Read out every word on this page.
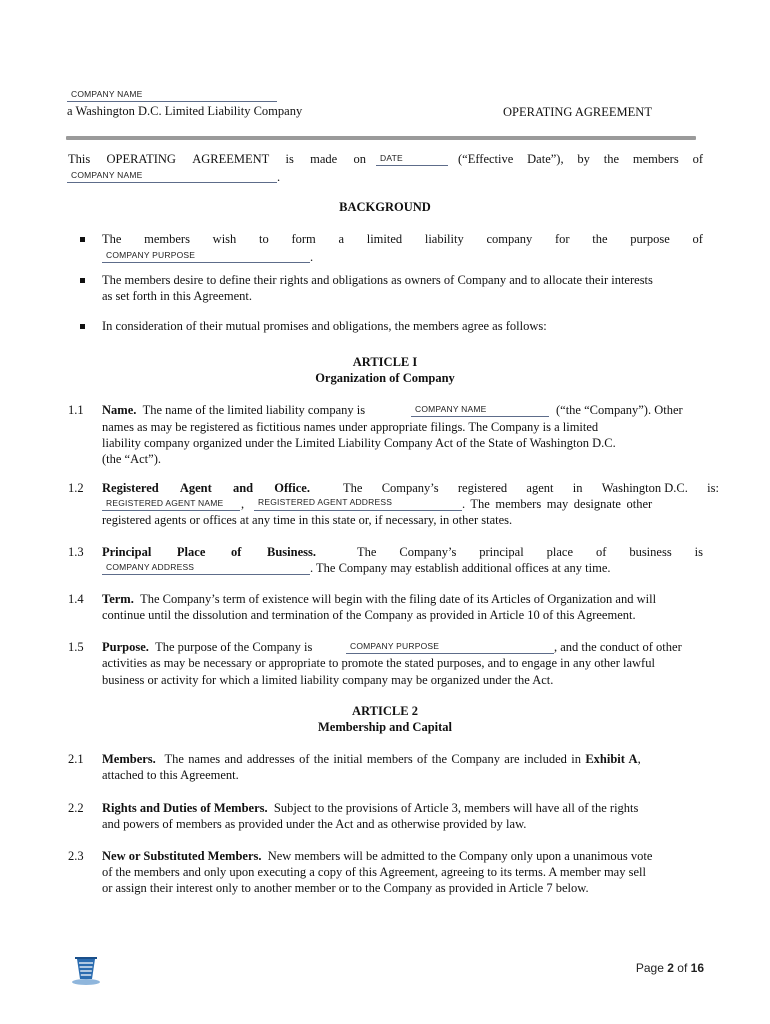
COMPANY NAME
a Washington D.C. Limited Liability Company	OPERATING AGREEMENT
This OPERATING AGREEMENT is made on DATE	(“Effective Date”), by the members of
COMPANY NAME	.
BACKGROUND
The members wish to form a limited liability company for the purpose of
COMPANY PURPOSE	.
The members desire to define their rights and obligations as owners of Company and to allocate their interests
as set forth in this Agreement.
In consideration of their mutual promises and obligations, the members agree as follows:
ARTICLE I
Organization of Company
1.1 Name. The name of the limited liability company is	COMPANY NAME	(“the “Company”). Other
names as may be registered as fictitious names under appropriate filings. The Company is a limited
liability company organized under the Limited Liability Company Act of the State of Washington D.C.
(the “Act”).
1.2 Registered Agent and Office.	The Company’s registered agent in Washington D.C. is:
REGISTERED AGENT NAME , REGISTERED AGENT ADDRESS	. The members may designate other
registered agents or offices at any time in this state or, if necessary, in other states.
1.3 Principal Place of Business.	The Company’s principal place of business is
COMPANY ADDRESS	. The Company may establish additional offices at any time.
1.4 Term. The Company’s term of existence will begin with the filing date of its Articles of Organization and will
continue until the dissolution and termination of the Company as provided in Article 10 of this Agreement.
1.5 Purpose. The purpose of the Company is	COMPANY PURPOSE	, and the conduct of other
activities as may be necessary or appropriate to promote the stated purposes, and to engage in any other lawful
business or activity for which a limited liability company may be organized under the Act.
ARTICLE 2
Membership and Capital
2.1 Members. The names and addresses of the initial members of the Company are included in Exhibit A,
attached to this Agreement.
2.2 Rights and Duties of Members. Subject to the provisions of Article 3, members will have all of the rights
and powers of members as provided under the Act and as otherwise provided by law.
2.3 New or Substituted Members. New members will be admitted to the Company only upon a unanimous vote
of the members and only upon executing a copy of this Agreement, agreeing to its terms. A member may sell
or assign their interest only to another member or to the Company as provided in Article 7 below.
Page 2 of 16
